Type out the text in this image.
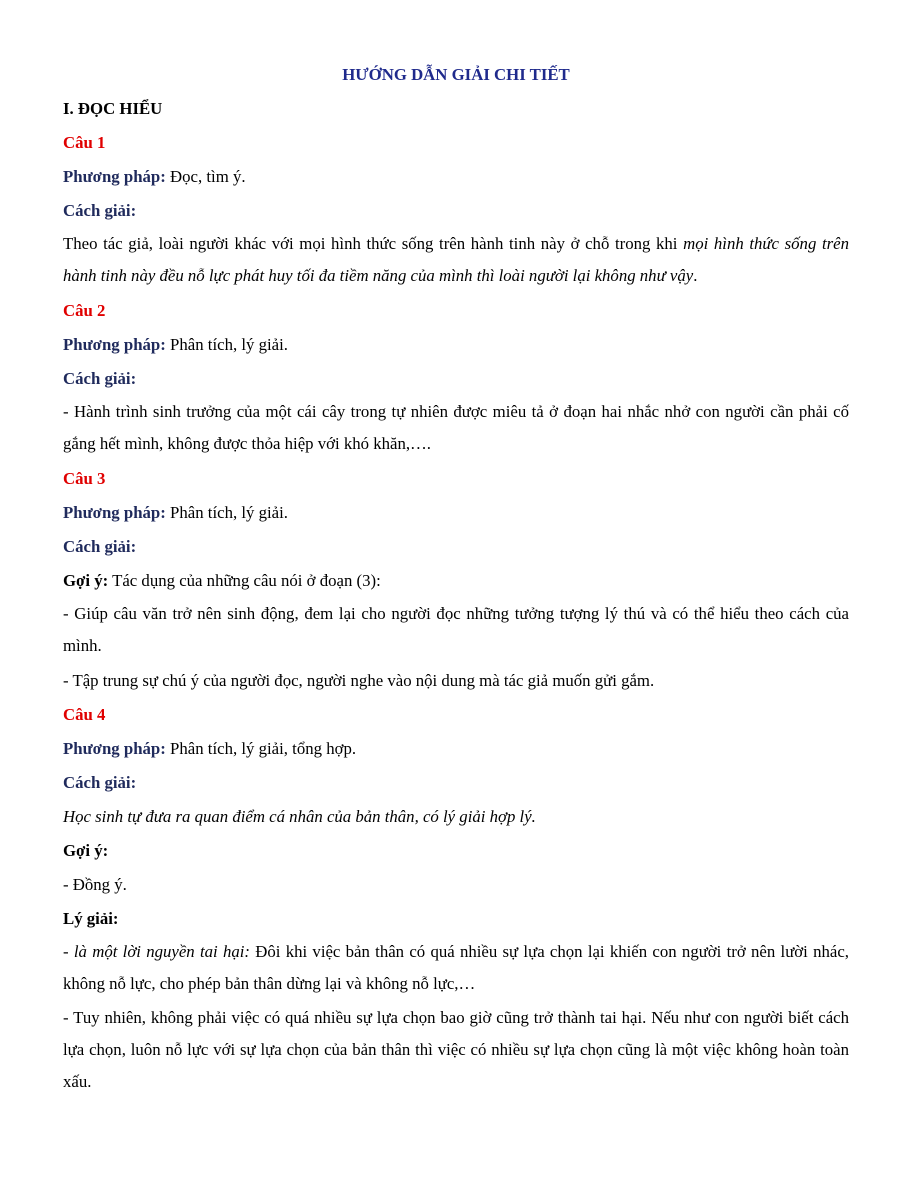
HƯỚNG DẪN GIẢI CHI TIẾT
I. ĐỌC HIỂU
Câu 1
Phương pháp: Đọc, tìm ý.
Cách giải:
Theo tác giả, loài người khác với mọi hình thức sống trên hành tinh này ở chỗ trong khi mọi hình thức sống trên hành tinh này đều nỗ lực phát huy tối đa tiềm năng của mình thì loài người lại không như vậy.
Câu 2
Phương pháp: Phân tích, lý giải.
Cách giải:
- Hành trình sinh trưởng của một cái cây trong tự nhiên được miêu tả ở đoạn hai nhắc nhở con người cần phải cố gắng hết mình, không được thỏa hiệp với khó khăn,….
Câu 3
Phương pháp: Phân tích, lý giải.
Cách giải:
Gợi ý: Tác dụng của những câu nói ở đoạn (3):
- Giúp câu văn trở nên sinh động, đem lại cho người đọc những tưởng tượng lý thú và có thể hiểu theo cách của mình.
- Tập trung sự chú ý của người đọc, người nghe vào nội dung mà tác giả muốn gửi gắm.
Câu 4
Phương pháp: Phân tích, lý giải, tổng hợp.
Cách giải:
Học sinh tự đưa ra quan điểm cá nhân của bản thân, có lý giải hợp lý.
Gợi ý:
- Đồng ý.
Lý giải:
- là một lời nguyền tai hại: Đôi khi việc bản thân có quá nhiều sự lựa chọn lại khiến con người trở nên lười nhác, không nỗ lực, cho phép bản thân dừng lại và không nỗ lực,…
- Tuy nhiên, không phải việc có quá nhiều sự lựa chọn bao giờ cũng trở thành tai hại. Nếu như con người biết cách lựa chọn, luôn nỗ lực với sự lựa chọn của bản thân thì việc có nhiều sự lựa chọn cũng là một việc không hoàn toàn xấu.
